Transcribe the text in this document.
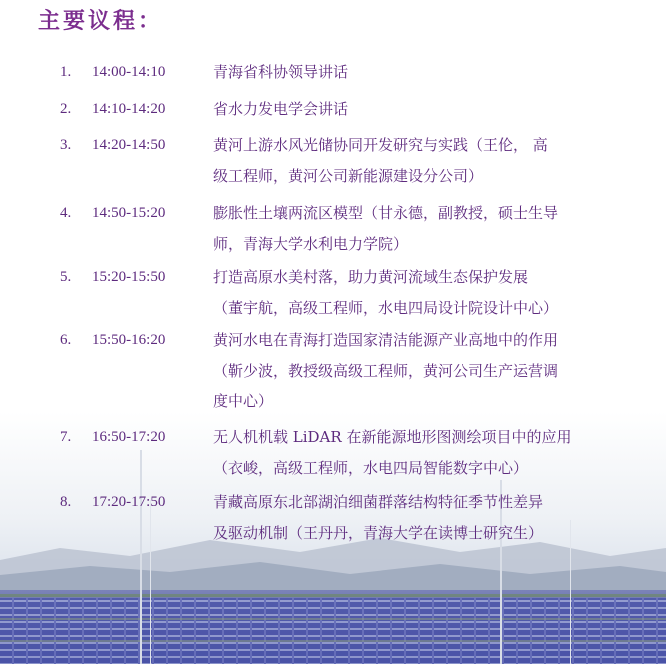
主要议程：
1. 14:00-14:10	青海省科协领导讲话
2. 14:10-14:20	省水力发电学会讲话
3. 14:20-14:50	黄河上游水风光储协同开发研究与实践（王伦， 高
级工程师，黄河公司新能源建设分公司）
4. 14:50-15:20	膨胀性土壤两流区模型（甘永德，副教授，硕士生导
师，青海大学水利电力学院）
5. 15:20-15:50	打造高原水美村落，助力黄河流域生态保护发展
（董宇航，高级工程师，水电四局设计院设计中心）
6. 15:50-16:20	黄河水电在青海打造国家清洁能源产业高地中的作用
（靳少波，教授级高级工程师，黄河公司生产运营调
度中心）
7. 16:50-17:20	无人机机载 LiDAR 在新能源地形图测绘项目中的应用
（衣峻，高级工程师，水电四局智能数字中心）
8. 17:20-17:50	青藏高原东北部湖泊细菌群落结构特征季节性差异
及驱动机制（王丹丹，青海大学在读博士研究生）
